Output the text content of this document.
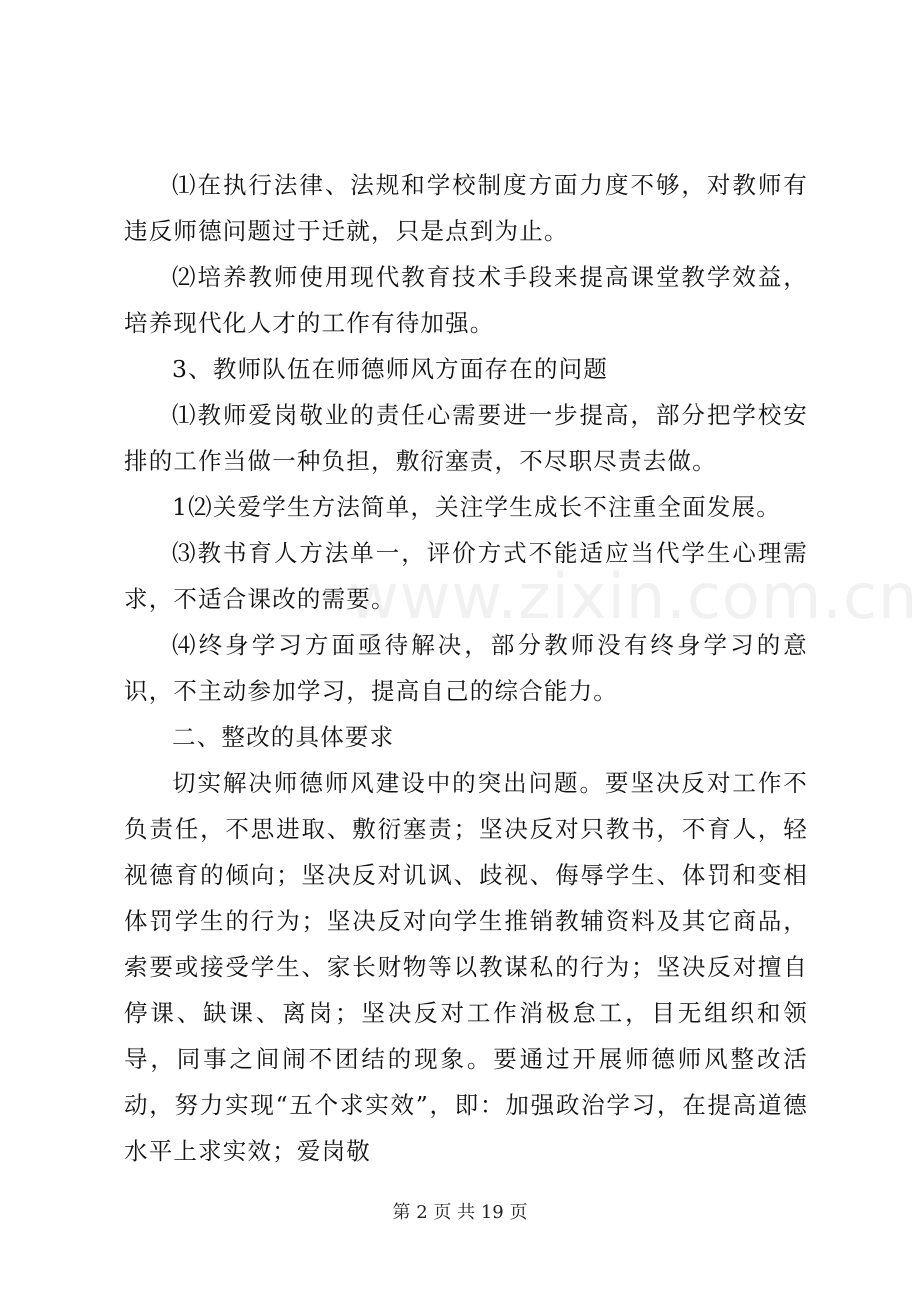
www.zixin.com.cn

⑴在执行法律、法规和学校制度方面力度不够，对教师有违反师德问题过于迁就，只是点到为止。

⑵培养教师使用现代教育技术手段来提高课堂教学效益，培养现代化人才的工作有待加强。

3、教师队伍在师德师风方面存在的问题

⑴教师爱岗敬业的责任心需要进一步提高，部分把学校安排的工作当做一种负担，敷衍塞责，不尽职尽责去做。

1⑵关爱学生方法简单，关注学生成长不注重全面发展。

⑶教书育人方法单一，评价方式不能适应当代学生心理需求，不适合课改的需要。

⑷终身学习方面亟待解决，部分教师没有终身学习的意识，不主动参加学习，提高自己的综合能力。

二、整改的具体要求

切实解决师德师风建设中的突出问题。要坚决反对工作不负责任，不思进取、敷衍塞责；坚决反对只教书，不育人，轻视德育的倾向；坚决反对讥讽、歧视、侮辱学生、体罚和变相体罚学生的行为；坚决反对向学生推销教辅资料及其它商品，索要或接受学生、家长财物等以教谋私的行为；坚决反对擅自停课、缺课、离岗；坚决反对工作消极怠工，目无组织和领导，同事之间闹不团结的现象。要通过开展师德师风整改活动，努力实现“五个求实效”，即：加强政治学习，在提高道德水平上求实效；爱岗敬

第 2 页 共 19 页
